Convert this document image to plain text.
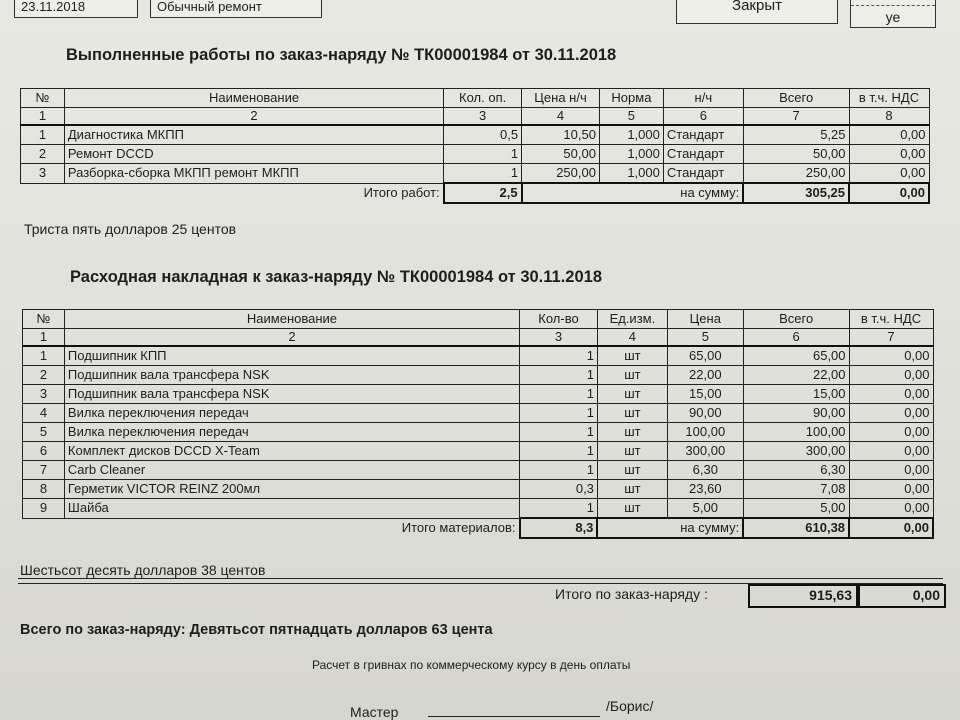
23.11.2018	Обычный ремонт	Закрыт
уе
Выполненные работы по заказ-наряду № ТК00001984 от 30.11.2018
№	Наименование	Кол. оп.	Цена н/ч	Норма	н/ч	Всего	в т.ч. НДС
1	2	3	4	5	6	7	8
1	Диагностика МКПП	0,5	10,50	1,000	Стандарт	5,25	0,00
2	Ремонт DCCD	1	50,00	1,000	Стандарт	50,00	0,00
3	Разборка-сборка МКПП ремонт МКПП	1	250,00	1,000	Стандарт	250,00	0,00
	Итого работ:	2,5	на сумму:			305,25	0,00
Триста пять долларов 25 центов
Расходная накладная к заказ-наряду № ТК00001984 от 30.11.2018
№	Наименование	Кол-во	Ед.изм.	Цена	Всего	в т.ч. НДС
1	2	3	4	5	6	7
1	Подшипник КПП	1	шт	65,00	65,00	0,00
2	Подшипник вала трансфера NSK	1	шт	22,00	22,00	0,00
3	Подшипник вала трансфера NSK	1	шт	15,00	15,00	0,00
4	Вилка переключения передач	1	шт	90,00	90,00	0,00
5	Вилка переключения передач	1	шт	100,00	100,00	0,00
6	Комплект дисков DCCD X-Team	1	шт	300,00	300,00	0,00
7	Carb Cleaner	1	шт	6,30	6,30	0,00
8	Герметик VICTOR REINZ 200мл	0,3	шт	23,60	7,08	0,00
9	Шайба	1	шт	5,00	5,00	0,00
	Итого материалов:	8,3	на сумму:		610,38	0,00
Шестьсот десять долларов 38 центов
Итого по заказ-наряду :	915,63	0,00
Всего по заказ-наряду: Девятьсот пятнадцать долларов 63 цента
Расчет в гривнах по коммерческому курсу в день оплаты
Мастер	/Борис/
